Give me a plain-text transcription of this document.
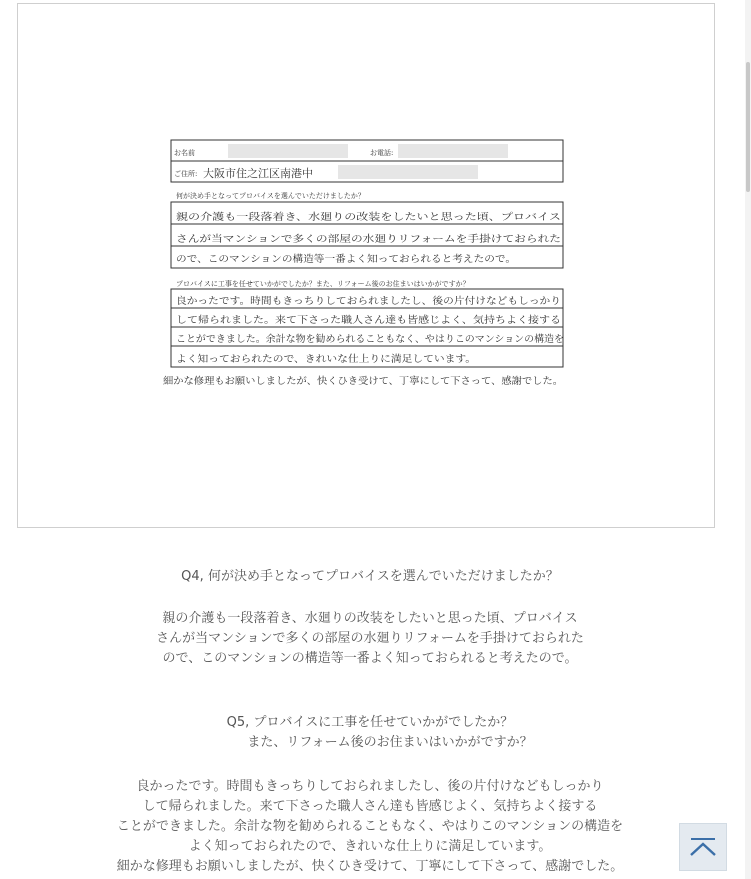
お名前	お電話:
ご住所: 大阪市住之江区南港中
何が決め手となってプロバイスを選んでいただけましたか？
親の介護も一段落着き、水廻りの改装をしたいと思った頃、プロバイス
さんが当マンションで多くの部屋の水廻りリフォームを手掛けておられた
ので、このマンションの構造等一番よく知っておられると考えたので。
プロバイスに工事を任せていかがでしたか？また、リフォーム後のお住まいはいかがですか？
良かったです。時間もきっちりしておられましたし、後の片付けなどもしっかり
して帰られました。来て下さった職人さん達も皆感じよく、気持ちよく接する
ことができました。余計な物を勧められることもなく、やはりこのマンションの構造を
よく知っておられたので、きれいな仕上りに満足しています。
細かな修理もお願いしましたが、快くひき受けて、丁寧にして下さって、感謝でした。

Q4, 何が決め手となってプロバイスを選んでいただけましたか？

親の介護も一段落着き、水廻りの改装をしたいと思った頃、プロバイス

さんが当マンションで多くの部屋の水廻りリフォームを手掛けておられた

ので、このマンションの構造等一番よく知っておられると考えたので。

Q5, プロバイスに工事を任せていかがでしたか？

また、リフォーム後のお住まいはいかがですか？

良かったです。時間もきっちりしておられましたし、後の片付けなどもしっかり

して帰られました。来て下さった職人さん達も皆感じよく、気持ちよく接する

ことができました。余計な物を勧められることもなく、やはりこのマンションの構造を

よく知っておられたので、きれいな仕上りに満足しています。

細かな修理もお願いしましたが、快くひき受けて、丁寧にして下さって、感謝でした。
